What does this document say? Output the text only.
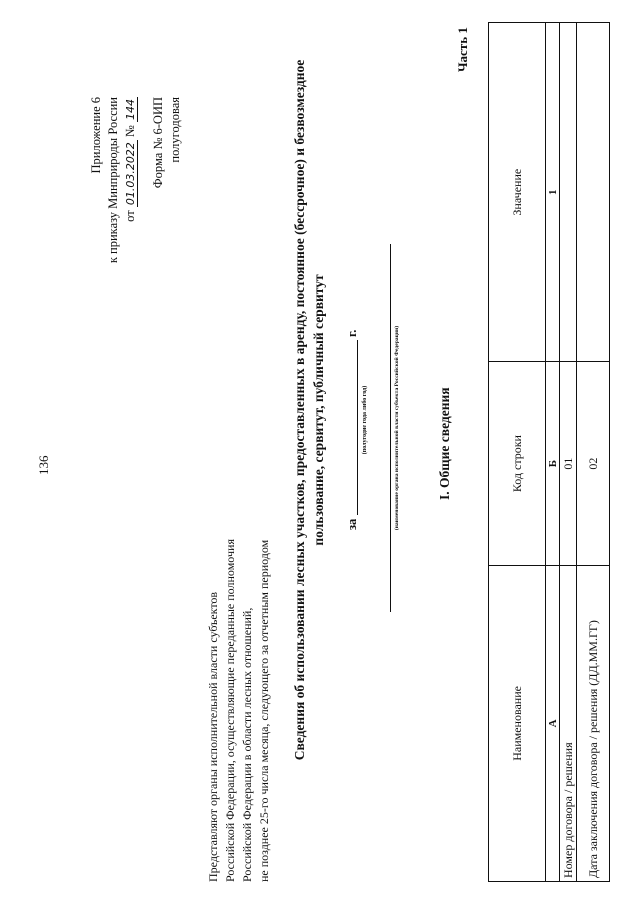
136
Приложение 6 к приказу Минприроды России от 01.03.2022 № 144 Форма № 6-ОИП полугодовая
Представляют органы исполнительной власти субъектов Российской Федерации, осуществляющие переданные полномочия Российской Федерации в области лесных отношений, не позднее 25-го числа месяца, следующего за отчетным периодом Сведения об использовании лесных участков, предоставленных в аренду, постоянное (бессрочное) и безвозмездное пользование, сервитут, публичный сервитут за
г.
(полугодие года либо год)	(наименование органа исполнительной власти субъекта Российской Федерации)	I. Общие сведения
Часть 1
Наименование	Код строки	Значение
А	Б	1
Номер договора / решения	01	
Дата заключения договора / решения (ДД.ММ.ГГ)	02	
